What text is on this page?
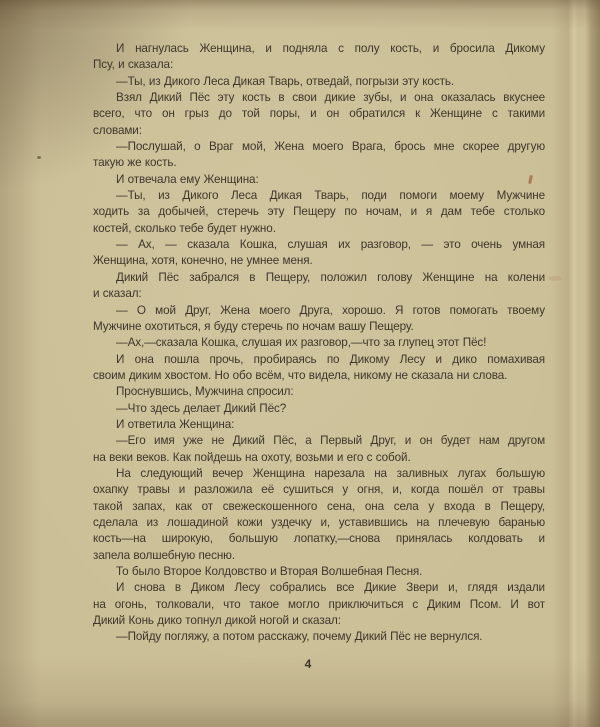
И нагнулась Женщина, и подняла с полу кость, и бросила Дикому
Псу, и сказала:
—Ты, из Дикого Леса Дикая Тварь, отведай, погрызи эту кость.
Взял Дикий Пёс эту кость в свои дикие зубы, и она оказалась вкуснее
всего, что он грыз до той поры, и он обратился к Женщине с такими
словами:
—Послушай, о Враг мой, Жена моего Врага, брось мне скорее другую
такую же кость.
И отвечала ему Женщина:
—Ты, из Дикого Леса Дикая Тварь, поди помоги моему Мужчине
ходить за добычей, стеречь эту Пещеру по ночам, и я дам тебе столько
костей, сколько тебе будет нужно.
— Ах, — сказала Кошка, слушая их разговор, — это очень умная
Женщина, хотя, конечно, не умнее меня.
Дикий Пёс забрался в Пещеру, положил голову Женщине на колени
и сказал:
— О мой Друг, Жена моего Друга, хорошо. Я готов помогать твоему
Мужчине охотиться, я буду стеречь по ночам вашу Пещеру.
—Ах,—сказала Кошка, слушая их разговор,—что за глупец этот Пёс!
И она пошла прочь, пробираясь по Дикому Лесу и дико помахивая
своим диким хвостом. Но обо всём, что видела, никому не сказала ни слова.
Проснувшись, Мужчина спросил:
—Что здесь делает Дикий Пёс?
И ответила Женщина:
—Его имя уже не Дикий Пёс, а Первый Друг, и он будет нам другом
на веки веков. Как пойдешь на охоту, возьми и его с собой.
На следующий вечер Женщина нарезала на заливных лугах большую
охапку травы и разложила её сушиться у огня, и, когда пошёл от травы
такой запах, как от свежескошенного сена, она села у входа в Пещеру,
сделала из лошадиной кожи уздечку и, уставившись на плечевую баранью
кость—на широкую, большую лопатку,—снова принялась колдовать и
запела волшебную песню.
То было Второе Колдовство и Вторая Волшебная Песня.
И снова в Диком Лесу собрались все Дикие Звери и, глядя издали
на огонь, толковали, что такое могло приключиться с Диким Псом. И вот
Дикий Конь дико топнул дикой ногой и сказал:
—Пойду погляжу, а потом расскажу, почему Дикий Пёс не вернулся.
4
